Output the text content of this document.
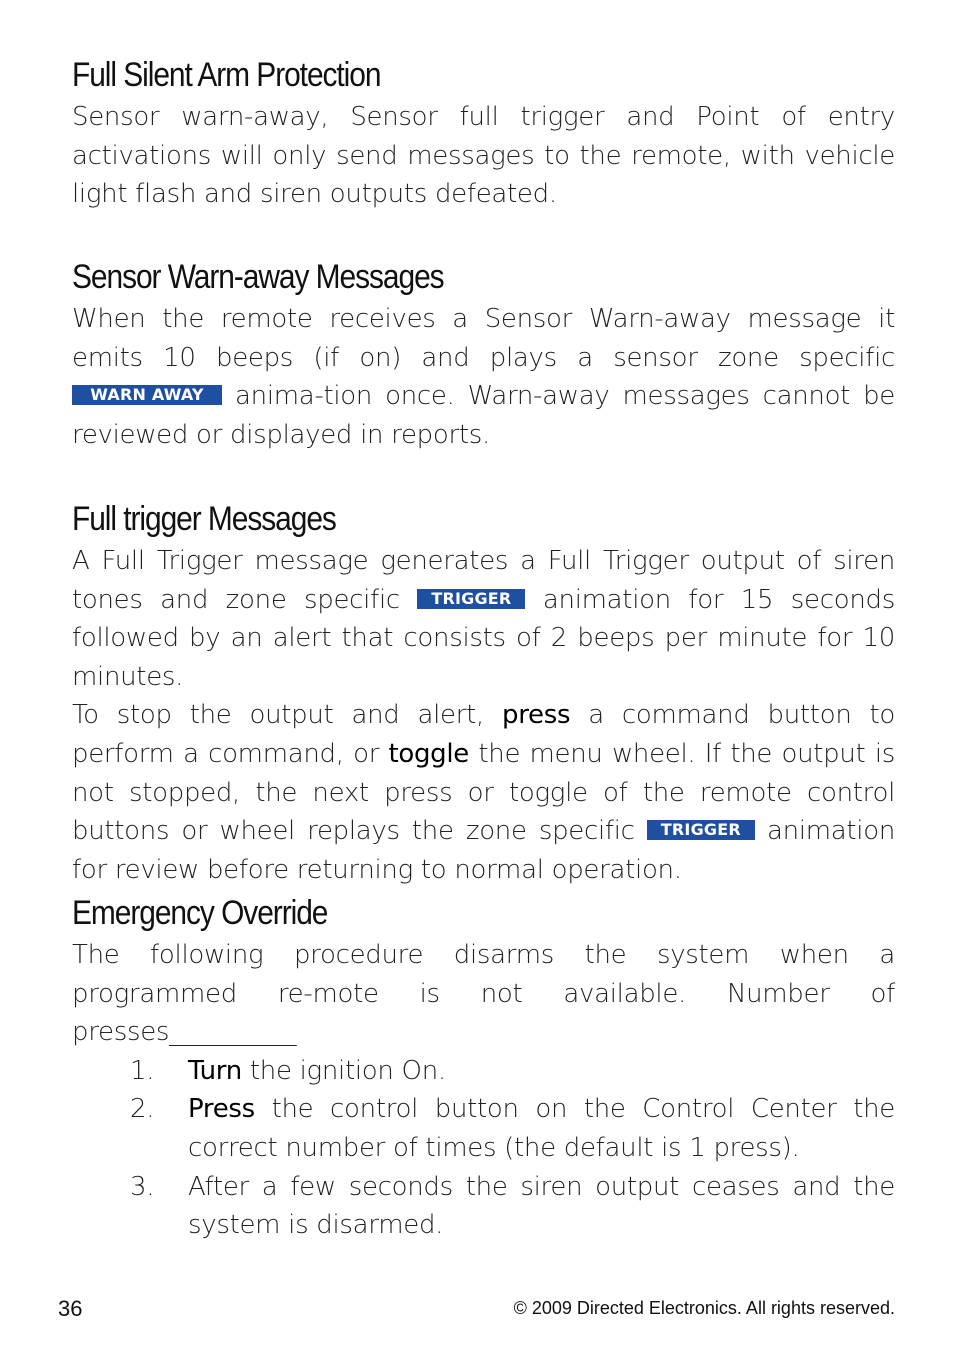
Full Silent Arm Protection

Sensor warn-away, Sensor full trigger and Point of entry activations will only send messages to the remote, with vehicle light flash and siren outputs defeated.

Sensor Warn-away Messages

When the remote receives a Sensor Warn-away message it emits 10 beeps (if on) and plays a sensor zone specific WARN AWAY anima-tion once. Warn-away messages cannot be reviewed or displayed in reports.

Full trigger Messages

A Full Trigger message generates a Full Trigger output of siren tones and zone specific TRIGGER animation for 15 seconds followed by an alert that consists of 2 beeps per minute for 10 minutes.

To stop the output and alert, press a command button to perform a command, or toggle the menu wheel. If the output is not stopped, the next press or toggle of the remote control buttons or wheel replays the zone specific TRIGGER animation for review before returning to normal operation.

Emergency Override

The following procedure disarms the system when a programmed re-mote is not available. Number of presses__________

1. Turn the ignition On.
2. Press the control button on the Control Center the correct number of times (the default is 1 press).
3. After a few seconds the siren output ceases and the system is disarmed.
36	© 2009 Directed Electronics. All rights reserved.
